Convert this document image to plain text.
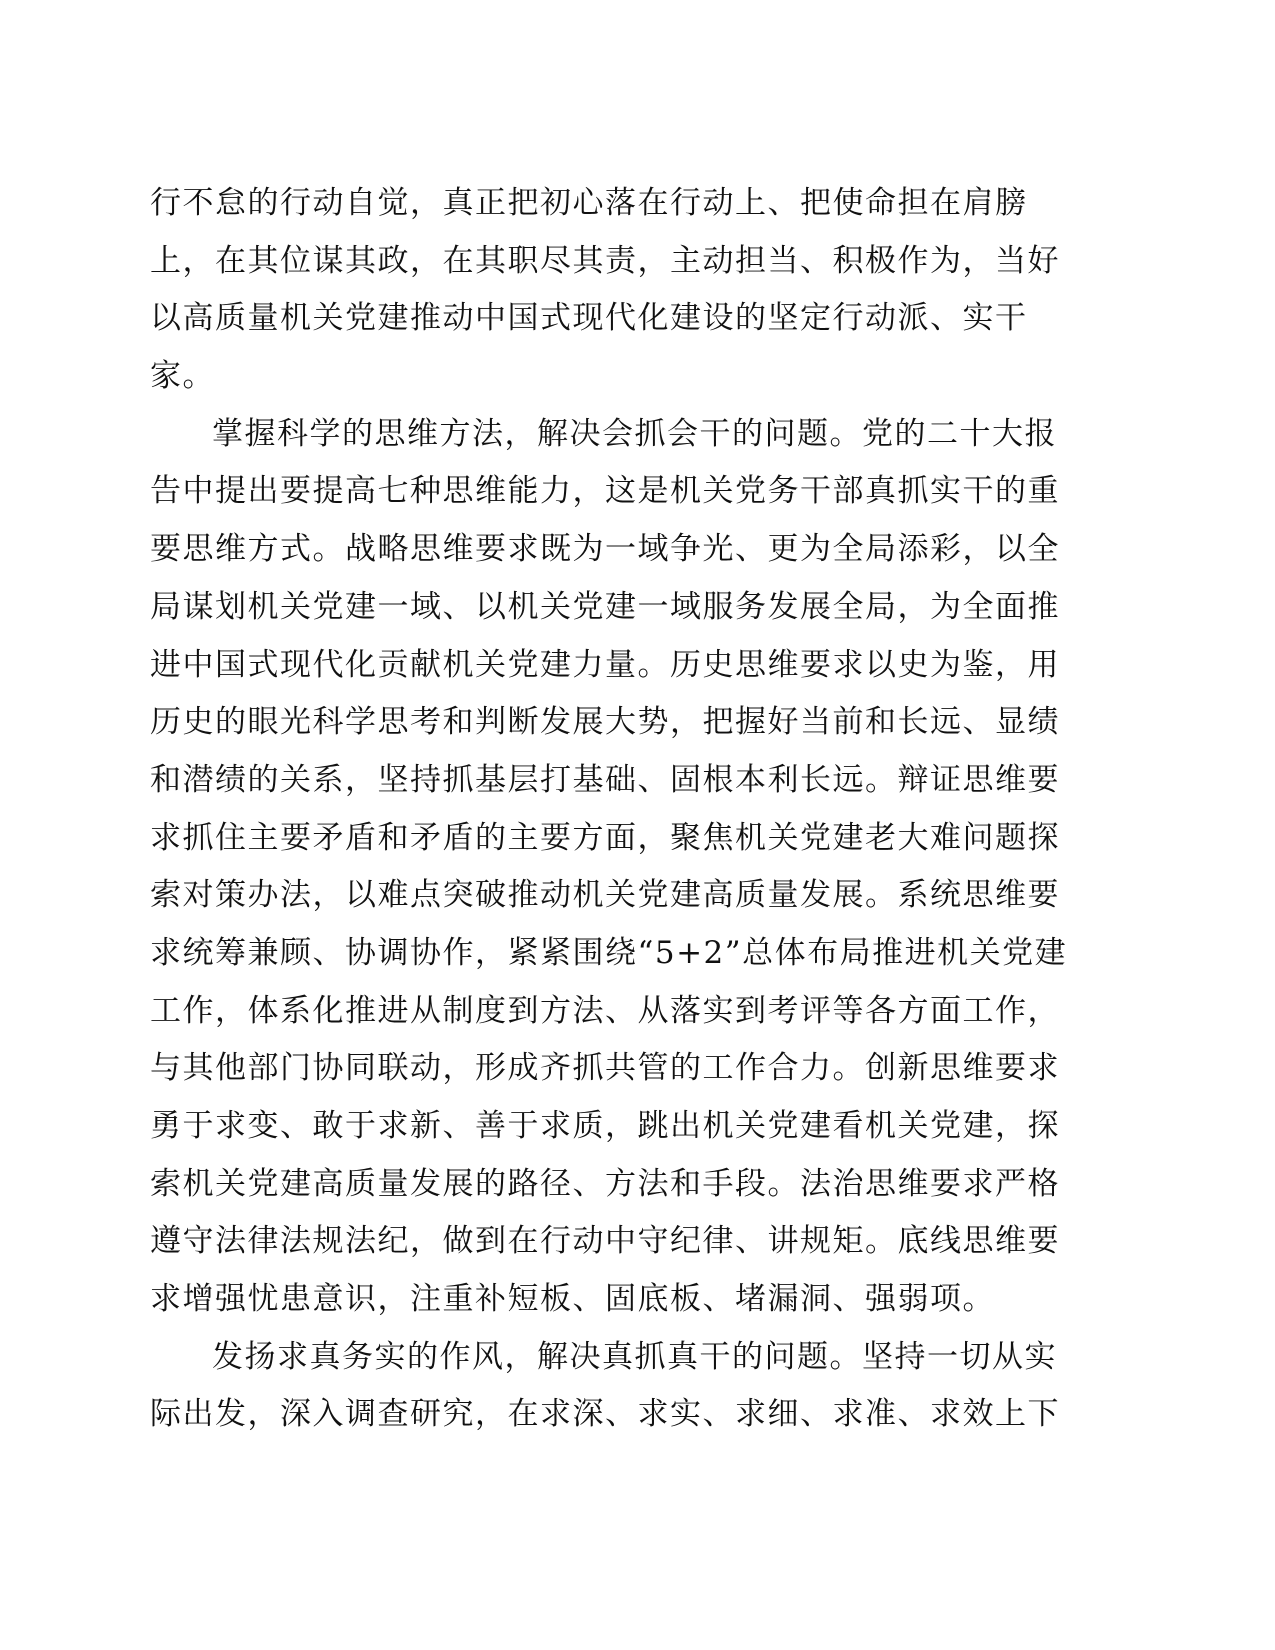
行不怠的行动自觉，真正把初心落在行动上、把使命担在肩膀
上，在其位谋其政，在其职尽其责，主动担当、积极作为，当好
以高质量机关党建推动中国式现代化建设的坚定行动派、实干
家。
掌握科学的思维方法，解决会抓会干的问题。党的二十大报
告中提出要提高七种思维能力，这是机关党务干部真抓实干的重
要思维方式。战略思维要求既为一域争光、更为全局添彩，以全
局谋划机关党建一域、以机关党建一域服务发展全局，为全面推
进中国式现代化贡献机关党建力量。历史思维要求以史为鉴，用
历史的眼光科学思考和判断发展大势，把握好当前和长远、显绩
和潜绩的关系，坚持抓基层打基础、固根本利长远。辩证思维要
求抓住主要矛盾和矛盾的主要方面，聚焦机关党建老大难问题探
索对策办法，以难点突破推动机关党建高质量发展。系统思维要
求统筹兼顾、协调协作，紧紧围绕“5+2”总体布局推进机关党建
工作，体系化推进从制度到方法、从落实到考评等各方面工作，
与其他部门协同联动，形成齐抓共管的工作合力。创新思维要求
勇于求变、敢于求新、善于求质，跳出机关党建看机关党建，探
索机关党建高质量发展的路径、方法和手段。法治思维要求严格
遵守法律法规法纪，做到在行动中守纪律、讲规矩。底线思维要
求增强忧患意识，注重补短板、固底板、堵漏洞、强弱项。
发扬求真务实的作风，解决真抓真干的问题。坚持一切从实
际出发，深入调查研究，在求深、求实、求细、求准、求效上下
